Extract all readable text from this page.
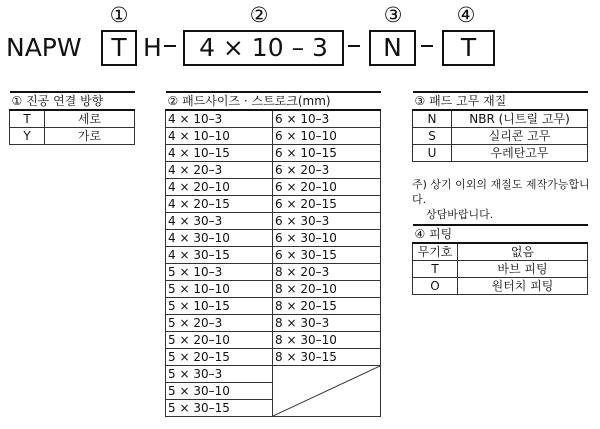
①	②	③	④
NAPW	T H	4 × 10 – 3	N	T
① 진공 연결 방향	
T	세로
Y	가로
② 패드사이즈 · 스트로크(mm)	
4 × 10–3	6 × 10–3
4 × 10–10	6 × 10–10
4 × 10–15	6 × 10–15
4 × 20–3	6 × 20–3
4 × 20–10	6 × 20–10
4 × 20–15	6 × 20–15
4 × 30–3	6 × 30–3
4 × 30–10	6 × 30–10
4 × 30–15	6 × 30–15
5 × 10–3	8 × 20–3
5 × 10–10	8 × 20–10
5 × 10–15	8 × 20–15
5 × 20–3	8 × 30–3
5 × 20–10	8 × 30–10
5 × 20–15	8 × 30–15
5 × 30–3	

5 × 30–10	
5 × 30–15	
③ 패드 고무 재질	
N	NBR (니트릴 고무)
S	실리콘 고무
U	우레탄고무
주) 상기 이외의 재질도 제작가능합니다.
상담바랍니다.
④ 피팅	
무기호	없음
T	바브 피팅
O	원터치 피팅
